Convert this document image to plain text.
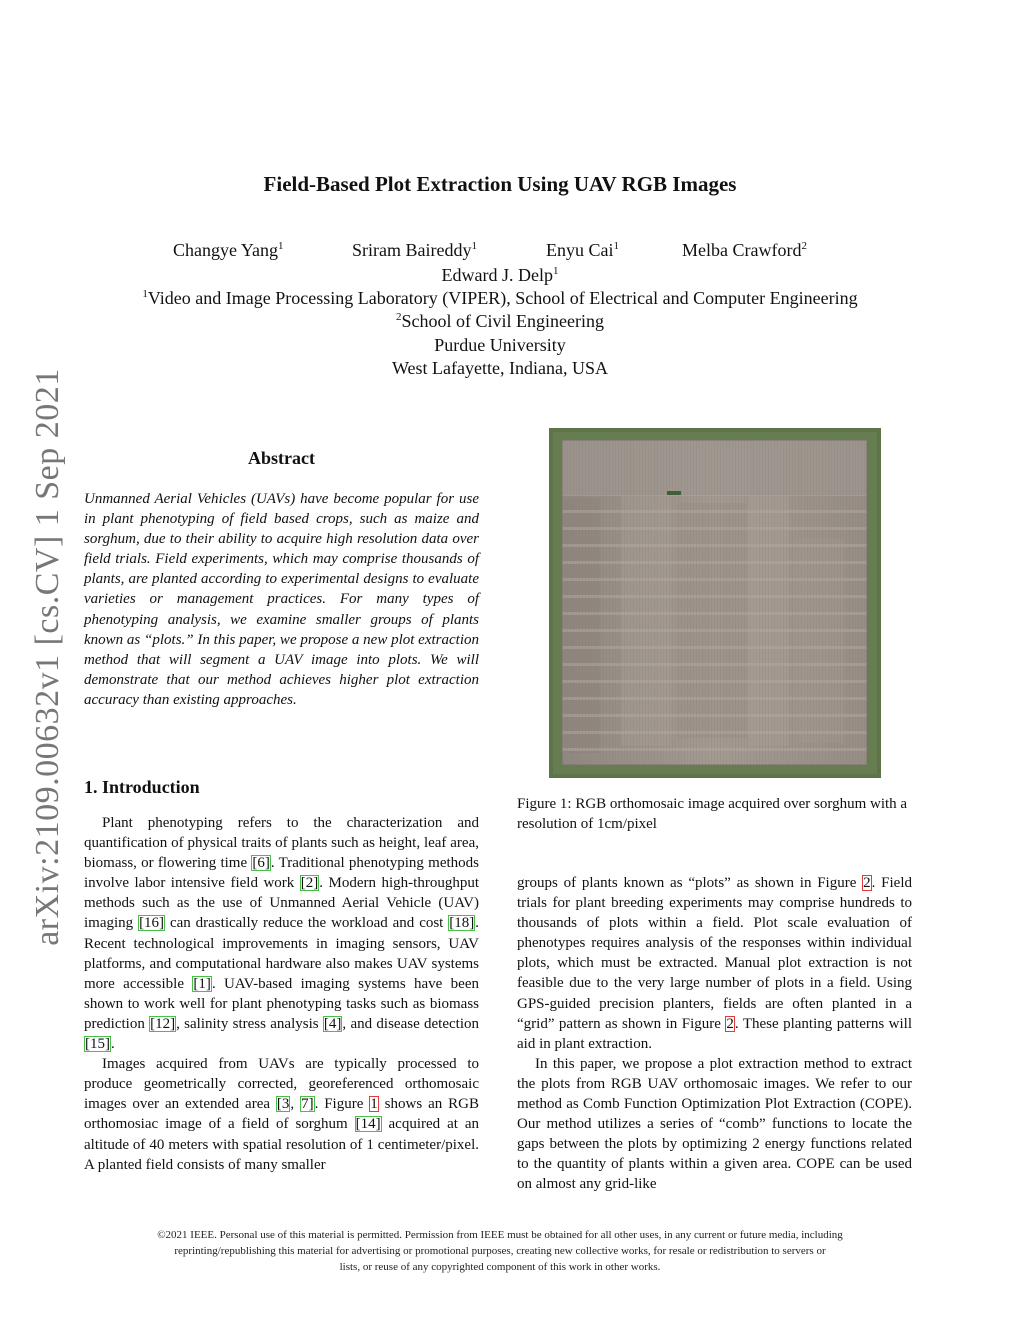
Field-Based Plot Extraction Using UAV RGB Images
Changye Yang$^1$	Sriram Baireddy$^1$	Enyu Cai$^1$	Melba Crawford$^2$
Edward J. Delp$^1$
$^1$Video and Image Processing Laboratory (VIPER), School of Electrical and Computer Engineering
$^2$School of Civil Engineering
Purdue University
West Lafayette, Indiana, USA
arXiv:2109.00632v1 [cs.CV] 1 Sep 2021	Abstract
Unmanned Aerial Vehicles (UAVs) have become popular for use in plant phenotyping of field based crops, such as maize and sorghum, due to their ability to acquire high resolution data over field trials. Field experiments, which may comprise thousands of plants, are planted according to experimental designs to evaluate varieties or management practices. For many types of phenotyping analysis, we examine smaller groups of plants known as “plots.” In this paper, we propose a new plot extraction method that will segment a UAV image into plots. We will demonstrate that our method achieves higher plot extraction accuracy than existing approaches.
1. Introduction

Plant phenotyping refers to the characterization and quantification of physical traits of plants such as height, leaf area, biomass, or flowering time [6]. Traditional phenotyping methods involve labor intensive field work [2]. Modern high-throughput methods such as the use of Unmanned Aerial Vehicle (UAV) imaging [16] can drastically reduce the workload and cost [18]. Recent technological improvements in imaging sensors, UAV platforms, and computational hardware also makes UAV systems more accessible [1]. UAV-based imaging systems have been shown to work well for plant phenotyping tasks such as biomass prediction [12], salinity stress analysis [4], and disease detection [15].

Images acquired from UAVs are typically processed to produce geometrically corrected, georeferenced orthomosaic images over an extended area [3, 7]. Figure 1 shows an RGB orthomosiac image of a field of sorghum [14] acquired at an altitude of 40 meters with spatial resolution of 1 centimeter/pixel. A planted field consists of many smaller

Figure 1: RGB orthomosaic image acquired over sorghum with a resolution of 1cm/pixel

groups of plants known as “plots” as shown in Figure 2. Field trials for plant breeding experiments may comprise hundreds to thousands of plots within a field. Plot scale evaluation of phenotypes requires analysis of the responses within individual plots, which must be extracted. Manual plot extraction is not feasible due to the very large number of plots in a field. Using GPS-guided precision planters, fields are often planted in a “grid” pattern as shown in Figure 2. These planting patterns will aid in plant extraction.

In this paper, we propose a plot extraction method to extract the plots from RGB UAV orthomosaic images. We refer to our method as Comb Function Optimization Plot Extraction (COPE). Our method utilizes a series of “comb” functions to locate the gaps between the plots by optimizing 2 energy functions related to the quantity of plants within a given area. COPE can be used on almost any grid-like

©2021 IEEE. Personal use of this material is permitted. Permission from IEEE must be obtained for all other uses, in any current or future media, including
reprinting/republishing this material for advertising or promotional purposes, creating new collective works, for resale or redistribution to servers or
lists, or reuse of any copyrighted component of this work in other works.
